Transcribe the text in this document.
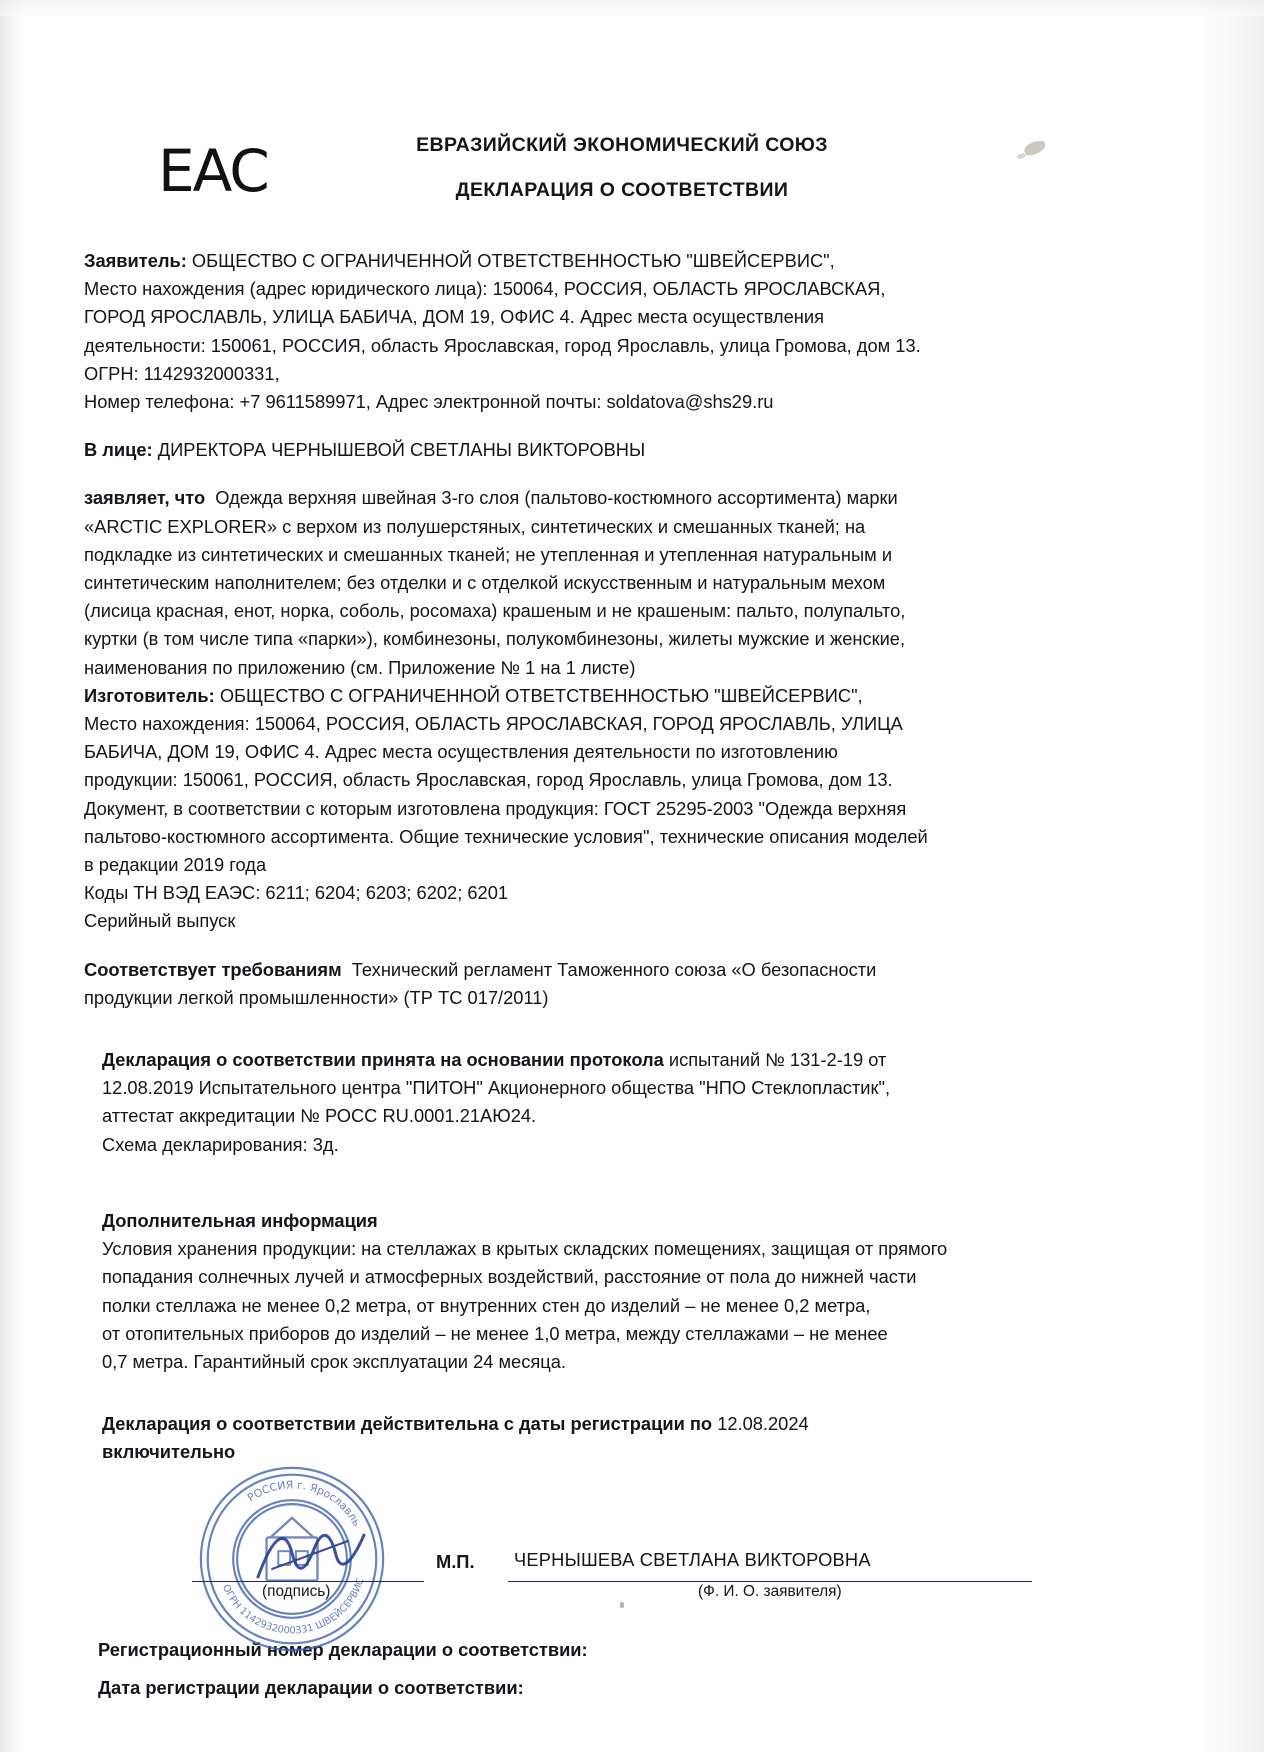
EAC	ЕВРАЗИЙСКИЙ ЭКОНОМИЧЕСКИЙ СОЮЗ
ДЕКЛАРАЦИЯ О СООТВЕТСТВИИ

Заявитель: ОБЩЕСТВО С ОГРАНИЧЕННОЙ ОТВЕТСТВЕННОСТЬЮ "ШВЕЙСЕРВИС",

Место нахождения (адрес юридического лица): 150064, РОССИЯ, ОБЛАСТЬ ЯРОСЛАВСКАЯ,

ГОРОД ЯРОСЛАВЛЬ, УЛИЦА БАБИЧА, ДОМ 19, ОФИС 4. Адрес места осуществления

деятельности: 150061, РОССИЯ, область Ярославская, город Ярославль, улица Громова, дом 13.

ОГРН: 1142932000331,

Номер телефона: +7 9611589971, Адрес электронной почты: soldatova@shs29.ru

В лице: ДИРЕКТОРА ЧЕРНЫШЕВОЙ СВЕТЛАНЫ ВИКТОРОВНЫ

заявляет, что Одежда верхняя швейная 3-го слоя (пальтово-костюмного ассортимента) марки

«ARCTIC EXPLORER» с верхом из полушерстяных, синтетических и смешанных тканей; на

подкладке из синтетических и смешанных тканей; не утепленная и утепленная натуральным и

синтетическим наполнителем; без отделки и с отделкой искусственным и натуральным мехом

(лисица красная, енот, норка, соболь, росомаха) крашеным и не крашеным: пальто, полупальто,

куртки (в том числе типа «парки»), комбинезоны, полукомбинезоны, жилеты мужские и женские,

наименования по приложению (см. Приложение № 1 на 1 листе)

Изготовитель: ОБЩЕСТВО С ОГРАНИЧЕННОЙ ОТВЕТСТВЕННОСТЬЮ "ШВЕЙСЕРВИС",

Место нахождения: 150064, РОССИЯ, ОБЛАСТЬ ЯРОСЛАВСКАЯ, ГОРОД ЯРОСЛАВЛЬ, УЛИЦА

БАБИЧА, ДОМ 19, ОФИС 4. Адрес места осуществления деятельности по изготовлению

продукции: 150061, РОССИЯ, область Ярославская, город Ярославль, улица Громова, дом 13.

Документ, в соответствии с которым изготовлена продукция: ГОСТ 25295-2003 "Одежда верхняя

пальтово-костюмного ассортимента. Общие технические условия", технические описания моделей

в редакции 2019 года

Коды ТН ВЭД ЕАЭС: 6211; 6204; 6203; 6202; 6201

Серийный выпуск

Соответствует требованиям Технический регламент Таможенного союза «О безопасности

продукции легкой промышленности» (ТР ТС 017/2011)

Декларация о соответствии принята на основании протокола испытаний № 131-2-19 от

12.08.2019 Испытательного центра "ПИТОН" Акционерного общества "НПО Стеклопластик",

аттестат аккредитации № РОСС RU.0001.21АЮ24.

Схема декларирования: 3д.

Дополнительная информация

Условия хранения продукции: на стеллажах в крытых складских помещениях, защищая от прямого

попадания солнечных лучей и атмосферных воздействий, расстояние от пола до нижней части

полки стеллажа не менее 0,2 метра, от внутренних стен до изделий – не менее 0,2 метра,

от отопительных приборов до изделий – не менее 1,0 метра, между стеллажами – не менее

0,7 метра. Гарантийный срок эксплуатации 24 месяца.

Декларация о соответствии действительна с даты регистрации по 12.08.2024

включительно

РОССИЯ г. Ярославль
ОГРН 1142932000331 ШВЕЙСЕРВИС
М.П.
(подпись)
ЧЕРНЫШЕВА СВЕТЛАНА ВИКТОРОВНА
(Ф. И. О. заявителя)
Регистрационный номер декларации о соответствии:
Дата регистрации декларации о соответствии:
